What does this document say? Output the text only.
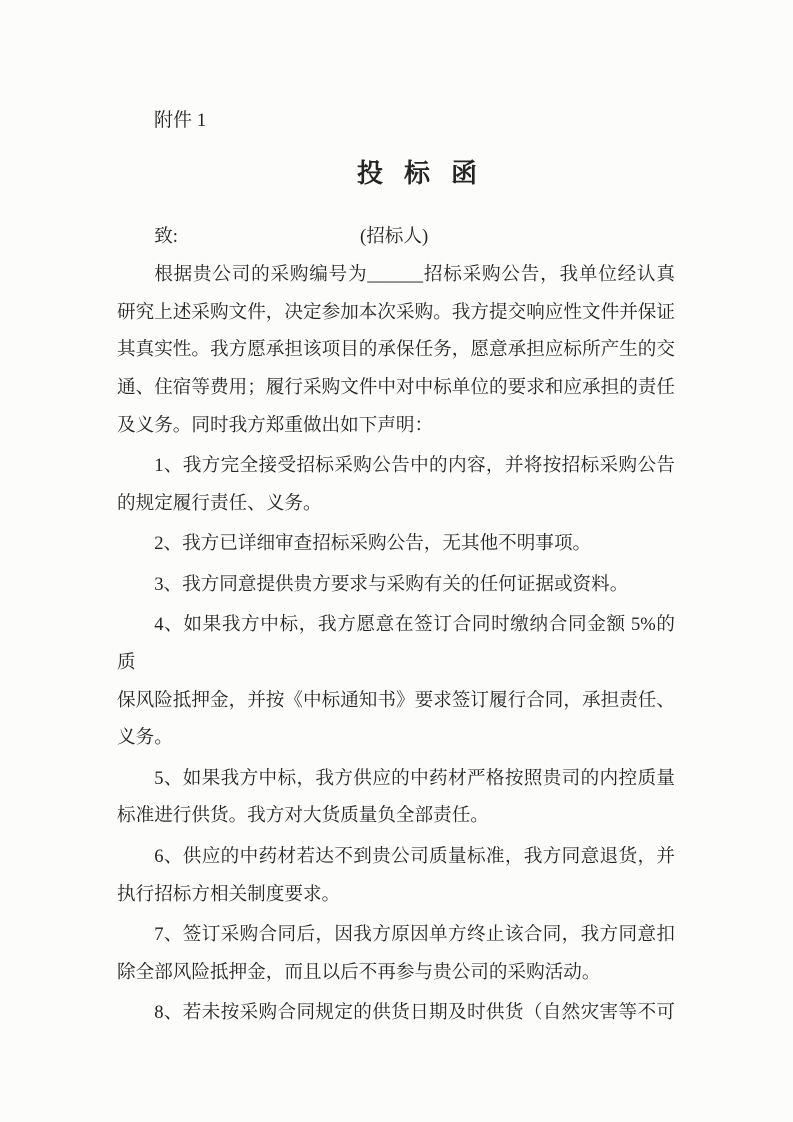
附件 1
投标函
致:	(招标人)
根据贵公司的采购编号为______招标采购公告，我单位经认真
研究上述采购文件，决定参加本次采购。我方提交响应性文件并保证
其真实性。我方愿承担该项目的承保任务，愿意承担应标所产生的交
通、住宿等费用；履行采购文件中对中标单位的要求和应承担的责任
及义务。同时我方郑重做出如下声明：
1、我方完全接受招标采购公告中的内容，并将按招标采购公告
的规定履行责任、义务。
2、我方已详细审查招标采购公告，无其他不明事项。
3、我方同意提供贵方要求与采购有关的任何证据或资料。
4、如果我方中标，我方愿意在签订合同时缴纳合同金额 5%的质
保风险抵押金，并按《中标通知书》要求签订履行合同，承担责任、
义务。
5、如果我方中标，我方供应的中药材严格按照贵司的内控质量
标准进行供货。我方对大货质量负全部责任。
6、供应的中药材若达不到贵公司质量标准，我方同意退货，并
执行招标方相关制度要求。
7、签订采购合同后，因我方原因单方终止该合同，我方同意扣
除全部风险抵押金，而且以后不再参与贵公司的采购活动。
8、若未按采购合同规定的供货日期及时供货（自然灾害等不可
